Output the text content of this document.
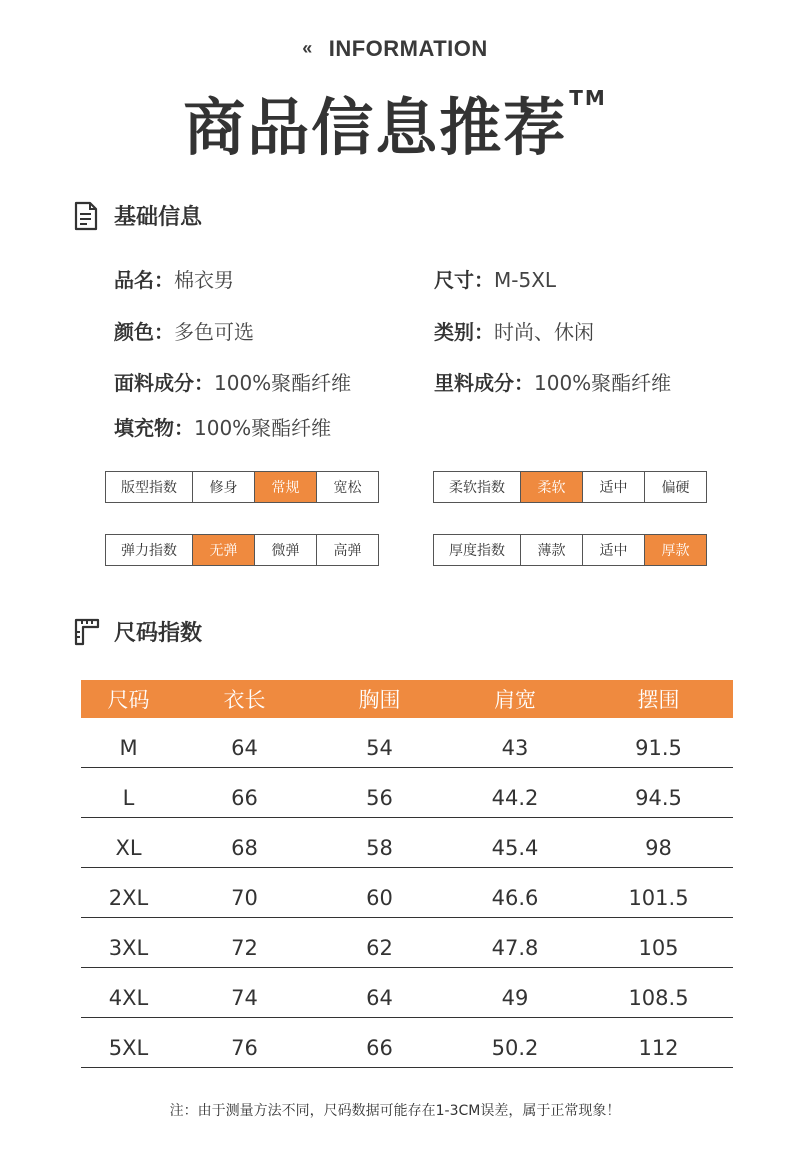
« INFORMATION
商品信息推荐 ™
基础信息
品名：棉衣男	尺寸：M-5XL
颜色：多色可选	类别：时尚、休闲
面料成分：100%聚酯纤维	里料成分：100%聚酯纤维
填充物：100%聚酯纤维
版型指数	修身	常规	宽松	柔软指数	柔软	适中	偏硬
弹力指数	无弹	微弹	高弹	厚度指数	薄款	适中	厚款
尺码指数
尺码	衣长	胸围	肩宽	摆围
M	64	54	43	91.5
L	66	56	44.2	94.5
XL	68	58	45.4	98
2XL	70	60	46.6	101.5
3XL	72	62	47.8	105
4XL	74	64	49	108.5
5XL	76	66	50.2	112
注：由于测量方法不同，尺码数据可能存在1-3CM误差，属于正常现象！
